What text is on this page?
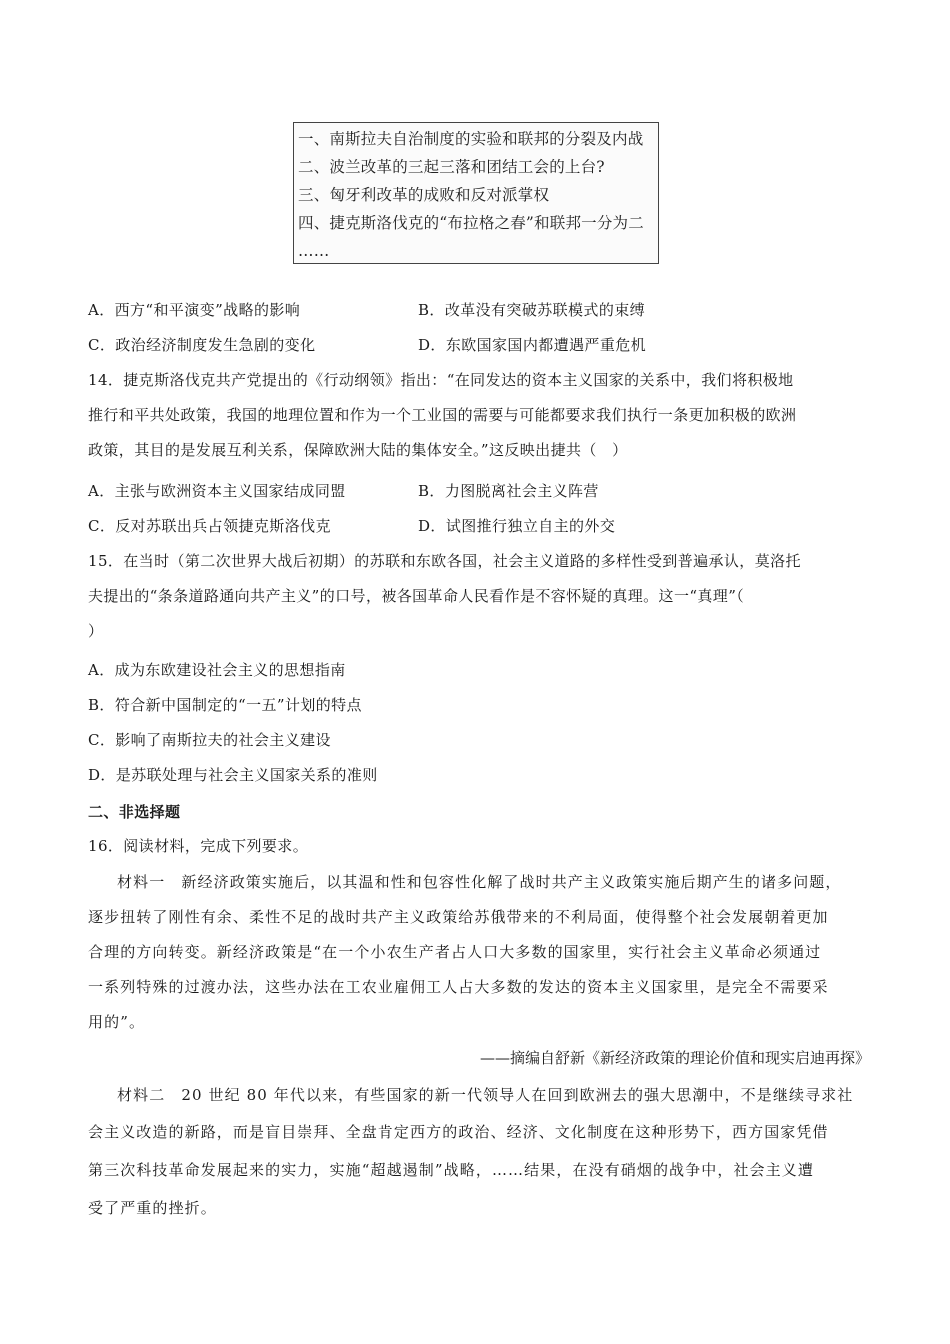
一、南斯拉夫自治制度的实验和联邦的分裂及内战
二、波兰改革的三起三落和团结工会的上台?
三、匈牙利改革的成败和反对派掌权
四、捷克斯洛伐克的“布拉格之春”和联邦一分为二
……
A．西方“和平演变”战略的影响	B．改革没有突破苏联模式的束缚
C．政治经济制度发生急剧的变化	D．东欧国家国内都遭遇严重危机
14．捷克斯洛伐克共产党提出的《行动纲领》指出：“在同发达的资本主义国家的关系中，我们将积极地
推行和平共处政策，我国的地理位置和作为一个工业国的需要与可能都要求我们执行一条更加积极的欧洲
政策，其目的是发展互利关系，保障欧洲大陆的集体安全。”这反映出捷共（　）
A．主张与欧洲资本主义国家结成同盟	B．力图脱离社会主义阵营
C．反对苏联出兵占领捷克斯洛伐克	D．试图推行独立自主的外交
15．在当时（第二次世界大战后初期）的苏联和东欧各国，社会主义道路的多样性受到普遍承认，莫洛托
夫提出的“条条道路通向共产主义”的口号，被各国革命人民看作是不容怀疑的真理。这一“真理”（
）
A．成为东欧建设社会主义的思想指南
B．符合新中国制定的“一五”计划的特点
C．影响了南斯拉夫的社会主义建设
D．是苏联处理与社会主义国家关系的准则
二、非选择题
16．阅读材料，完成下列要求。
材料一　新经济政策实施后，以其温和性和包容性化解了战时共产主义政策实施后期产生的诸多问题，
逐步扭转了刚性有余、柔性不足的战时共产主义政策给苏俄带来的不利局面，使得整个社会发展朝着更加
合理的方向转变。新经济政策是“在一个小农生产者占人口大多数的国家里，实行社会主义革命必须通过
一系列特殊的过渡办法，这些办法在工农业雇佣工人占大多数的发达的资本主义国家里，是完全不需要采
用的”。
——摘编自舒新《新经济政策的理论价值和现实启迪再探》
材料二　20 世纪 80 年代以来，有些国家的新一代领导人在回到欧洲去的强大思潮中，不是继续寻求社
会主义改造的新路，而是盲目崇拜、全盘肯定西方的政治、经济、文化制度在这种形势下，西方国家凭借
第三次科技革命发展起来的实力，实施“超越遏制”战略，……结果，在没有硝烟的战争中，社会主义遭
受了严重的挫折。
